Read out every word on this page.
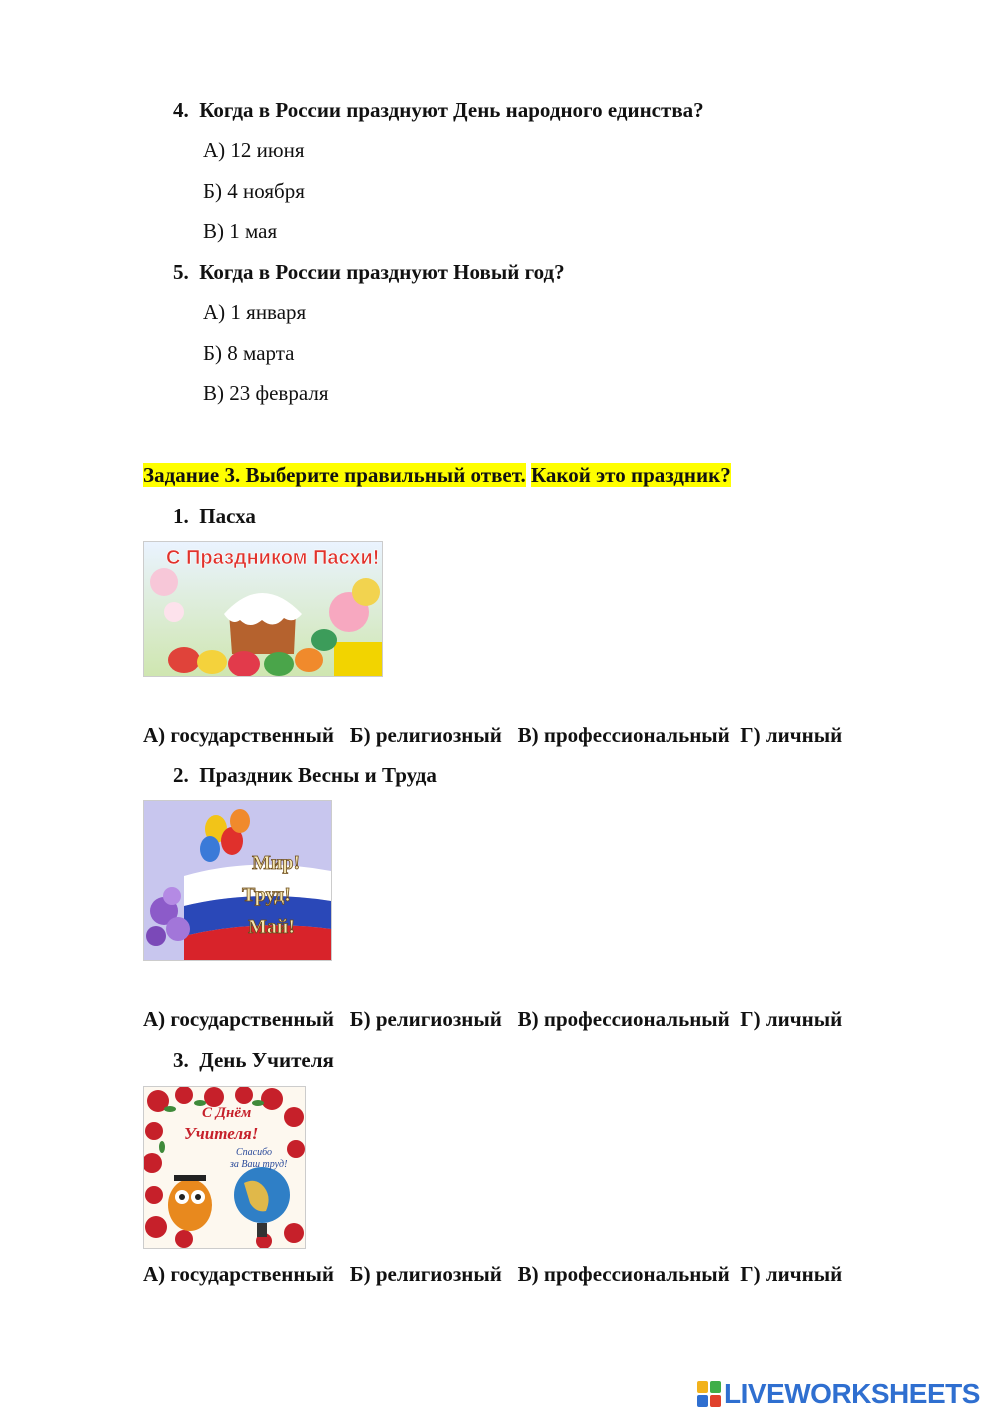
4. Когда в России празднуют День народного единства?
А) 12 июня
Б) 4 ноября
В) 1 мая
5. Когда в России празднуют Новый год?
А) 1 января
Б) 8 марта
В) 23 февраля
Задание 3. Выберите правильный ответ. Какой это праздник?
1. Пасха
С Праздником Пасхи!
А) государственный Б) религиозный В) профессиональный Г) личный
2. Праздник Весны и Труда
Мир!
Труд!
Май!
А) государственный Б) религиозный В) профессиональный Г) личный
3. День Учителя
С Днём
Учителя!
Спасибо
за Ваш труд!
А) государственный Б) религиозный В) профессиональный Г) личный
LIVEWORKSHEETS
